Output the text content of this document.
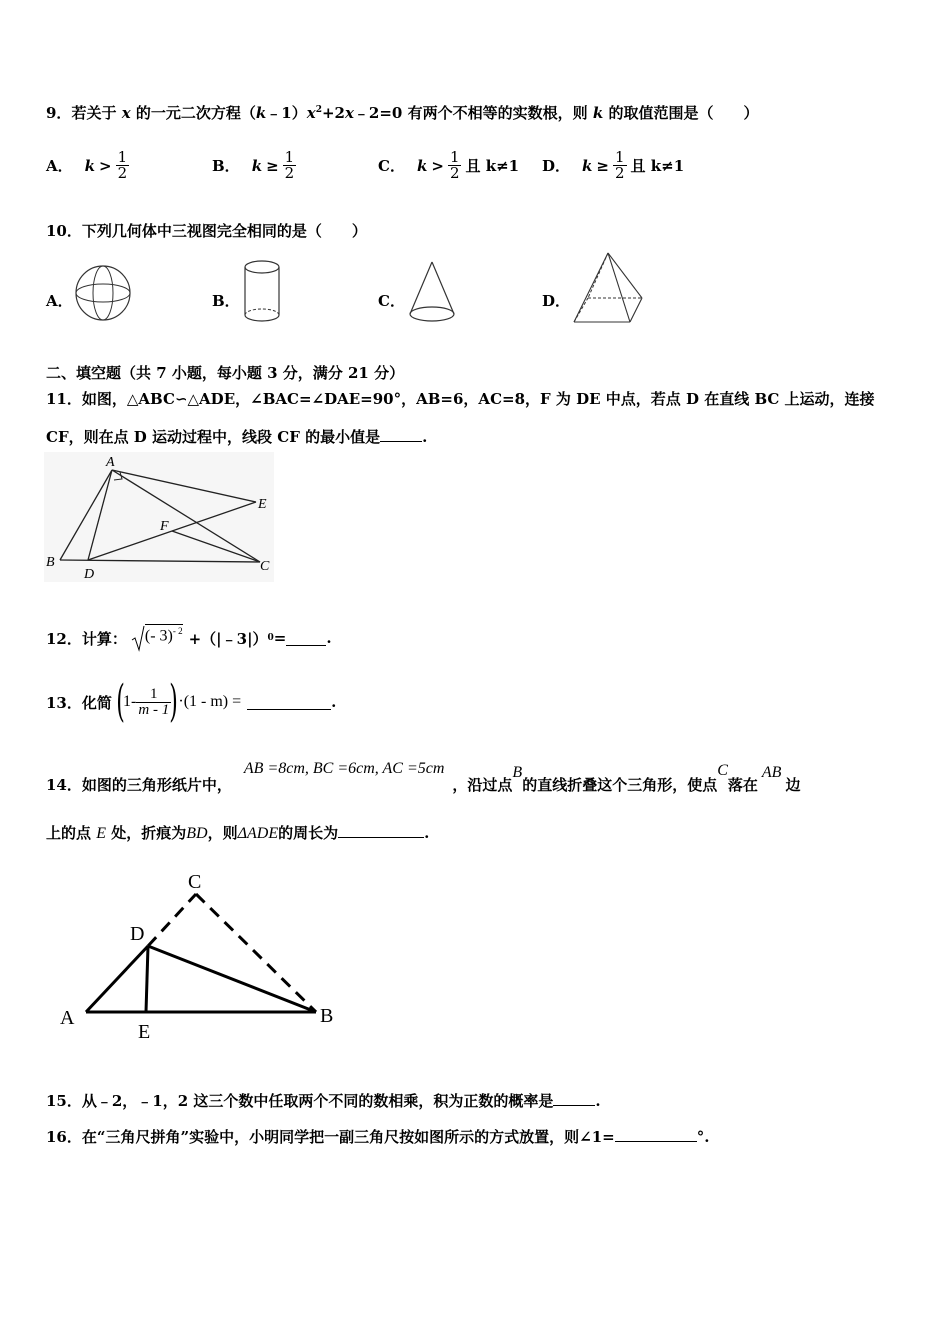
9．若关于 x 的一元二次方程$(k﹣1)x^2+2x﹣2=0$ 有两个不相等的实数根，则 k 的取值范围是（　　）
A． $k > \frac{1}{2}$	B． $k \ge \frac{1}{2}$	C． $k > \frac{1}{2}$ 且 k≠1 D． $k \ge \frac{1}{2}$ 且 k≠1
10．下列几何体中三视图完全相同的是（　　）
A．	B．	C．	D．
二、填空题（共 7 小题，每小题 3 分，满分 21 分）
11．如图，△ABC∽△ADE，∠BAC=∠DAE=90°，AB=6，AC=8，F 为 DE 中点，若点 D 在直线 BC 上运动，连接
CF，则在点 D 运动过程中，线段 CF 的最小值是	.
A
B	C
D
E
F
12．计算： (- 3)$^{- 2}$ +（|﹣3|） 0 =	.
13．化简 (
$1- \frac{1}{m - 1}$
) ·(1 - m) =	.
14．如图的三角形纸片中，
AB =8cm, BC =6cm, AC =5cm
，沿过点
B
的直线折叠这个三角形，使点
C
落在
AB
边
上的点 E 处，折痕为BD，则ΔADE的周长为	.
A	B
C
D
E
15．从﹣2，﹣1，2 这三个数中任取两个不同的数相乘，积为正数的概率是	.
16．在“三角尺拼角”实验中，小明同学把一副三角尺按如图所示的方式放置，则∠1=	°.
